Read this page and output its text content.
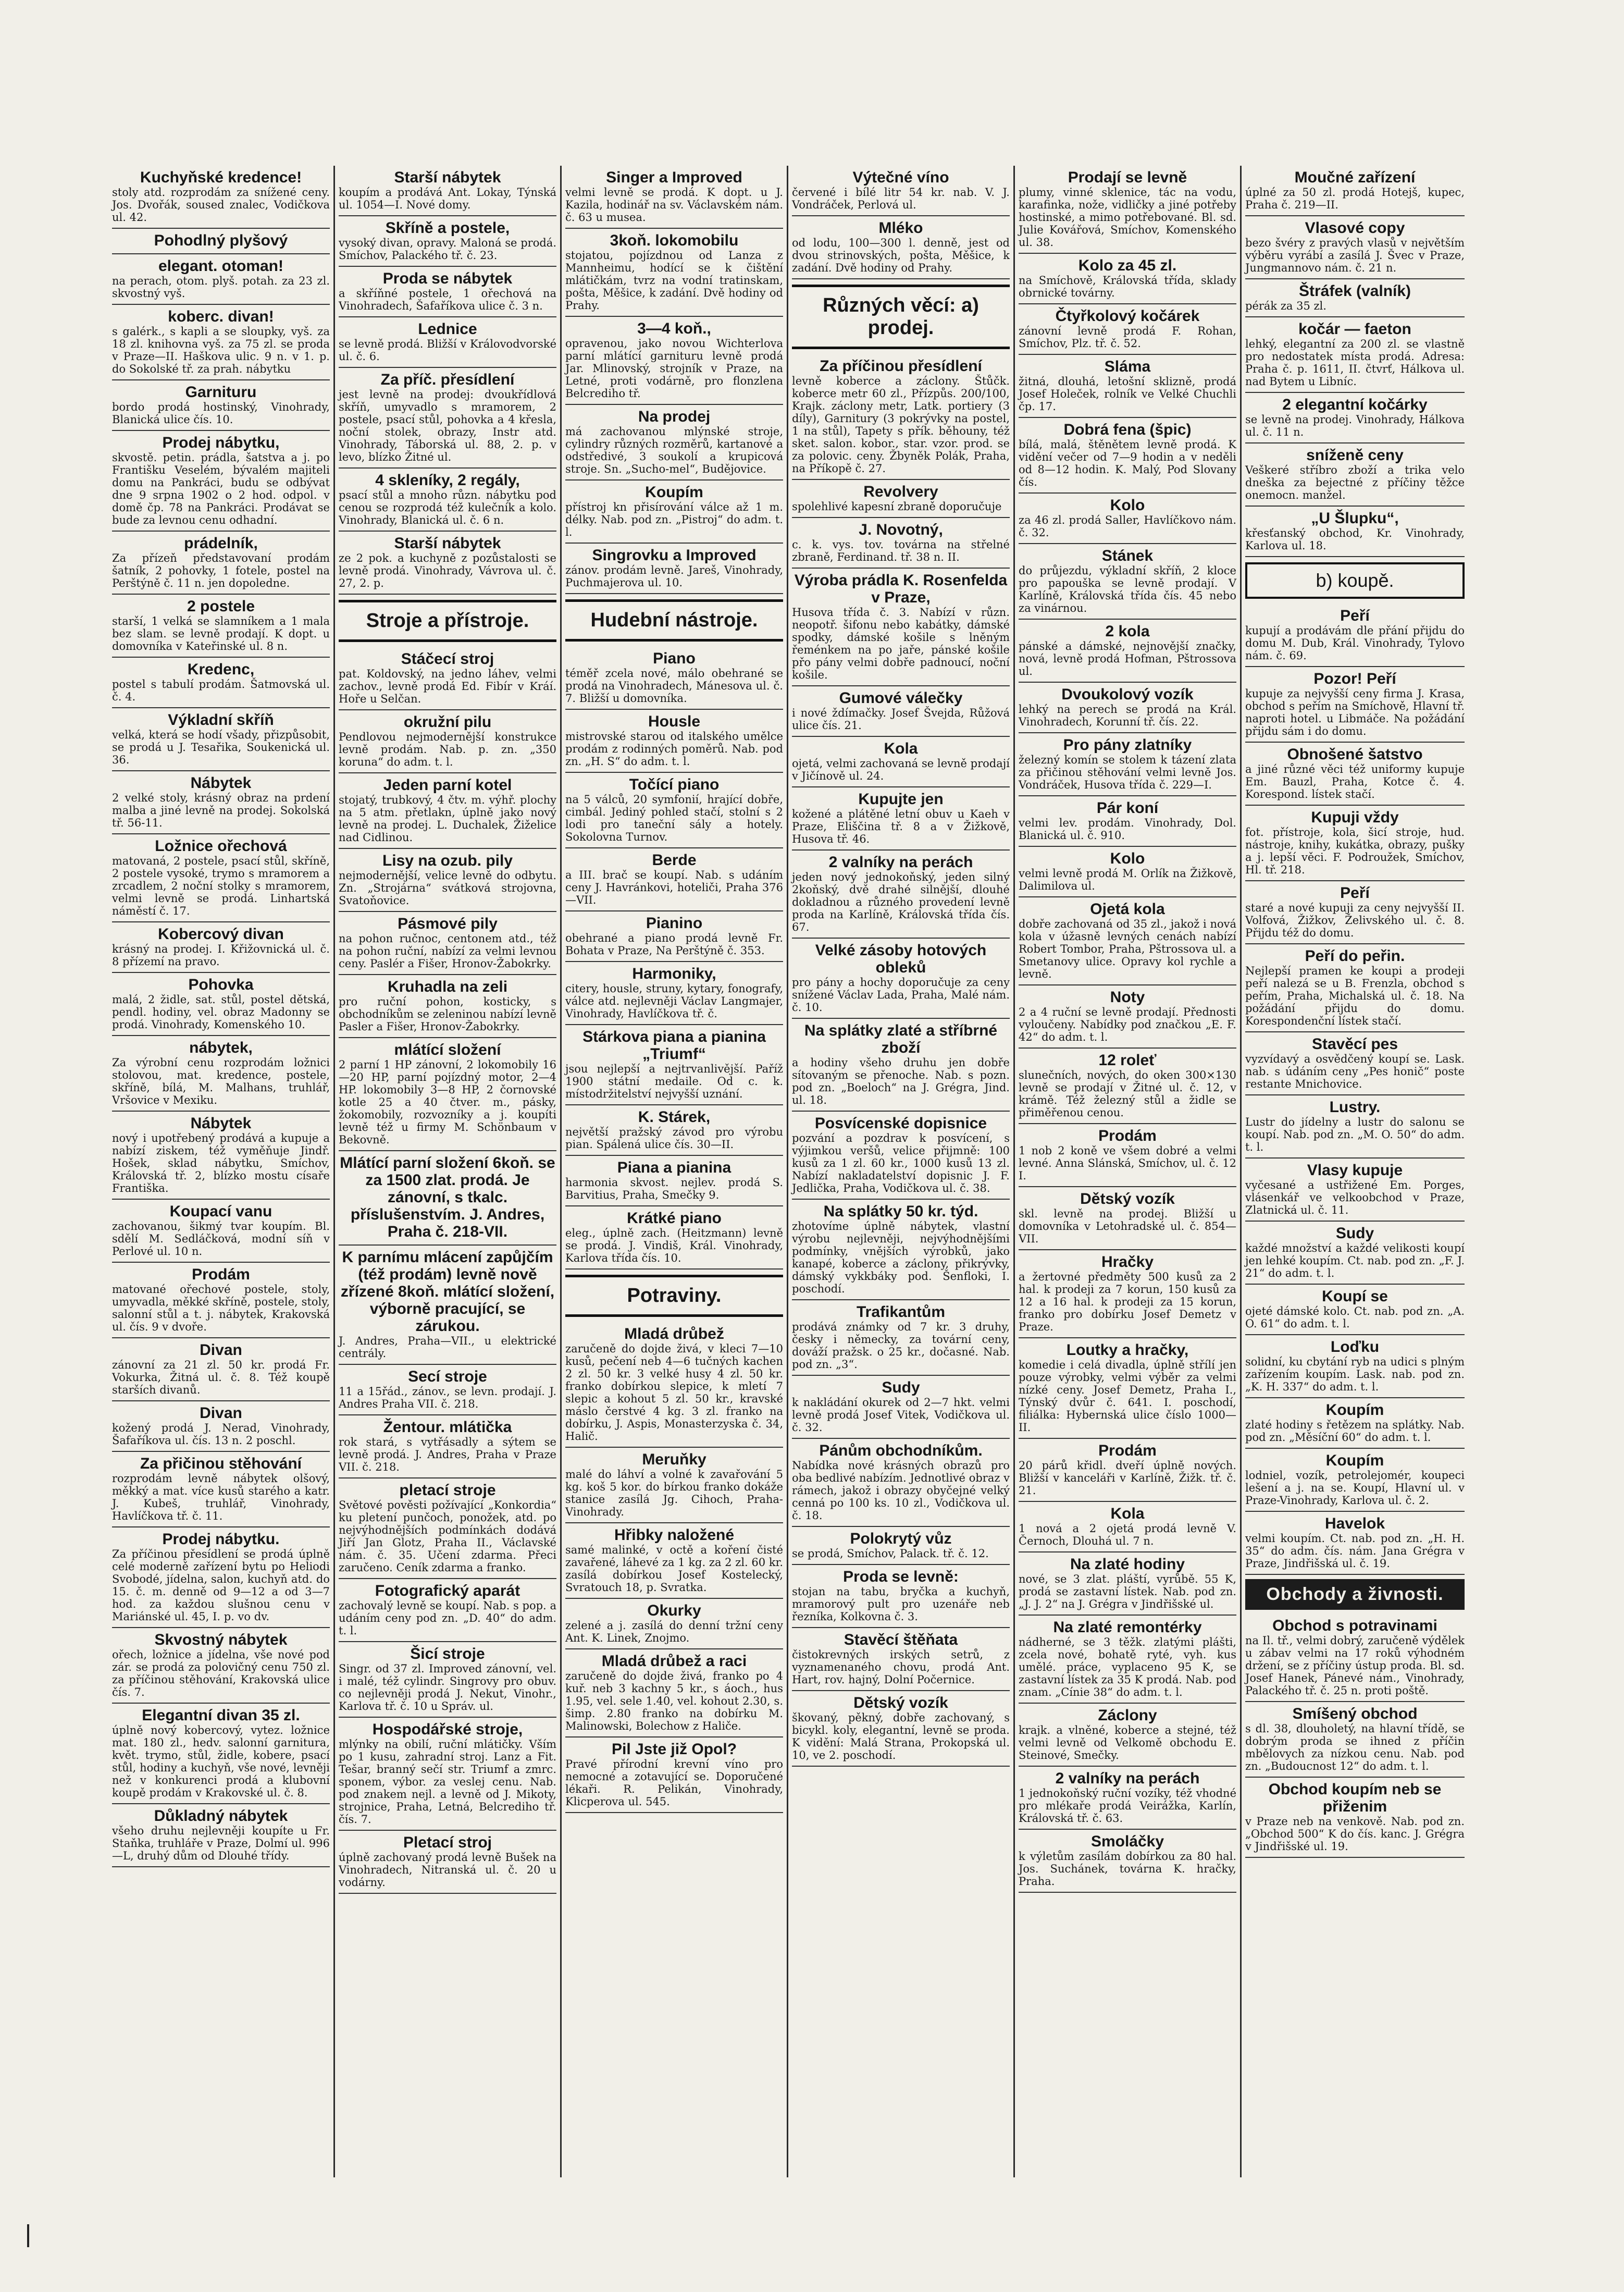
Kuchyňské kredence!
stoly atd. rozprodám za snížené ceny. Jos. Dvořák, soused znalec, Vodičkova ul. 42.
Pohodlný plyšový
elegant. otoman!
na perach, otom. plyš. potah. za 23 zl. skvostný vyš.
koberc. divan!
s galérk., s kapli a se sloupky, vyš. za 18 zl. knihovna vyš. za 75 zl. se proda v Praze—II. Haškova ulic. 9 n. v 1. p. do Sokolské tř. za prah. nábytku
Garnituru
bordo prodá hostinský, Vinohrady, Blanická ulice čís. 10.
Prodej nábytku,
skvostě. petin. prádla, šatstva a j. po Františku Veselém, bývalém majiteli domu na Pankráci, budu se odbývat dne 9 srpna 1902 o 2 hod. odpol. v domě čp. 78 na Pankráci. Prodávat se bude za levnou cenu odhadní.
prádelník,
Za přízeň představovaní prodám šatník, 2 pohovky, 1 fotele, postel na Perštýně č. 11 n. jen dopoledne.
2 postele
starší, 1 velká se slamníkem a 1 mala bez slam. se levně prodají. K dopt. u domovníka v Kateřinské ul. 8 n.
Kredenc,
postel s tabulí prodám. Šatmovská ul. č. 4.
Výkladní skříň
velká, která se hodí všady, přizpůsobit, se prodá u J. Tesařika, Soukenická ul. 36.
Nábytek
2 velké stoly, krásný obraz na prdení malba a jiné levně na prodej. Sokolská tř. 56-11.
Ložnice ořechová
matovaná, 2 postele, psací stůl, skříně, 2 postele vysoké, trymo s mramorem a zrcadlem, 2 noční stolky s mramorem, velmi levně se prodá. Linhartská náměstí č. 17.
Kobercový divan
krásný na prodej. I. Křižovnická ul. č. 8 přízemí na pravo.
Pohovka
malá, 2 židle, sat. stůl, postel dětská, pendl. hodiny, vel. obraz Madonny se prodá. Vinohrady, Komenského 10.
nábytek,
Za výrobní cenu rozprodám ložnici stolovou, mat. kredence, postele, skříně, bílá, M. Malhans, truhlář, Vršovice v Mexiku.
Nábytek
nový i upotřebený prodává a kupuje a nabízí ziskem, též vyměňuje Jindř. Hošek, sklad nábytku, Smíchov, Královská tř. 2, blízko mostu císaře Františka.
Koupací vanu
zachovanou, šikmý tvar koupím. Bl. sdělí M. Sedláčková, modní síň v Perlové ul. 10 n.
Prodám
matované ořechové postele, stoly, umyvadla, měkké skříně, postele, stoly, salonní stůl a t. j. nábytek, Krakovská ul. čís. 9 v dvoře.
Divan
zánovní za 21 zl. 50 kr. prodá Fr. Vokurka, Žitná ul. č. 8. Též koupě starších divanů.
Divan
kožený prodá J. Nerad, Vinohrady, Šafaříkova ul. čís. 13 n. 2 poschl.
Za přičinou stěhování
rozprodám levně nábytek olšový, měkký a mat. více kusů starého a katr. J. Kubeš, truhlář, Vinohrady, Havlíčkova tř. č. 11.
Prodej nábytku.
Za příčinou přesídlení se prodá úplně celé moderně zařízení bytu po Heliodi Svobodé, jídelna, salon, kuchyň atd. do 15. č. m. denně od 9—12 a od 3—7 hod. za každou slušnou cenu v Mariánské ul. 45, I. p. vo dv.
Skvostný nábytek
ořech, ložnice a jídelna, vše nové pod zár. se prodá za polovičný cenu 750 zl. za příčinou stěhování, Krakovská ulice čís. 7.
Elegantní divan 35 zl.
úplně nový kobercový, vytez. ložnice mat. 180 zl., hedv. salonní garnitura, květ. trymo, stůl, židle, kobere, psací stůl, hodiny a kuchyň, vše nové, levněji než v konkurenci prodá a klubovní koupě prodám v Krakovské ul. č. 8.
Důkladný nábytek
všeho druhu nejlevněji koupíte u Fr. Staňka, truhláře v Praze, Dolmí ul. 996—L, druhý dům od Dlouhé třídy.
Starší nábytek
koupím a prodává Ant. Lokay, Týnská ul. 1054—I. Nové domy.
Skříně a postele,
vysoký divan, opravy. Maloná se prodá. Smíchov, Palackého tř. č. 23.
Proda se nábytek
a skříňné postele, 1 ořechová na Vinohradech, Šafaříkova ulice č. 3 n.
Lednice
se levně prodá. Bližší v Královodvorské ul. č. 6.
Za příč. přesídlení
jest levně na prodej: dvoukřídlová skříň, umyvadlo s mramorem, 2 postele, psací stůl, pohovka a 4 křesla, noční stolek, obrazy, Instr atd. Vinohrady, Táborská ul. 88, 2. p. v levo, blízko Žitné ul.
4 skleníky, 2 regály,
psací stůl a mnoho různ. nábytku pod cenou se rozprodá též kulečník a kolo. Vinohrady, Blanická ul. č. 6 n.
Starší nábytek
ze 2 pok. a kuchyně z pozůstalosti se levně prodá. Vinohrady, Vávrova ul. č. 27, 2. p.
Stroje a přístroje.
Stáčecí stroj
pat. Koldovský, na jedno láhev, velmi zachov., levně prodá Ed. Fibír v Kráí. Hoře u Selčan.
okružní pilu
Pendlovou nejmodernější konstrukce levně prodám. Nab. p. zn. „350 koruna“ do adm. t. l.
Jeden parní kotel
stojatý, trubkový, 4 čtv. m. výhř. plochy na 5 atm. přetlakn, úplně jako nový levně na prodej. L. Duchalek, Žiželice nad Cidlinou.
Lisy na ozub. pily
nejmodernější, velice levně do odbytu. Zn. „Strojárna“ svátková strojovna, Svatoňovice.
Pásmové pily
na pohon ručnoc, centonem atd., též na pohon ruční, nabízí za velmi levnou ceny. Paslér a Fišer, Hronov-Žabokrky.
Kruhadla na zeli
pro ruční pohon, kosticky, s obchodníkům se zeleninou nabízí levně Pasler a Fišer, Hronov-Žabokrky.
mlátící složení
2 parní 1 HP zánovní, 2 lokomobily 16—20 HP, parní pojízdný motor, 2—4 HP. lokomobily 3—8 HP, 2 čornovské kotle 25 a 40 čtver. m., pásky, žokomobily, rozvozníky a j. koupíti levně též u firmy M. Schönbaum v Bekovně.
Mlátící parní složení 6koň. se za 1500 zlat. prodá. Je zánovní, s tkalc. příslušenstvím. J. Andres, Praha č. 218-VII.
K parnímu mlácení zapůjčím (též prodám) levně nově zřízené 8koň. mlátící složení, výborně pracující, se zárukou.
J. Andres, Praha—VII., u elektrické centrály.
Secí stroje
11 a 15řád., zánov., se levn. prodají. J. Andres Praha VII. č. 218.
Žentour. mlátička
rok stará, s vytřásadly a sýtem se levně prodá. J. Andres, Praha v Praze VII. č. 218.
pletací stroje
Světové pověsti požívající „Konkordia“ ku pletení punčoch, ponožek, atd. po nejvýhodnějších podmínkách dodává Jiří Jan Glotz, Praha II., Václavské nám. č. 35. Učení zdarma. Přeci zaručeno. Ceník zdarma a franko.
Fotografický aparát
zachovalý levně se koupí. Nab. s pop. a udáním ceny pod zn. „D. 40“ do adm. t. l.
Šicí stroje
Singr. od 37 zl. Improved zánovní, vel. i malé, též cylindr. Singrovy pro obuv. co nejlevněji prodá J. Nekut, Vinohr., Karlova tř. č. 10 u Správ. ul.
Hospodářské stroje,
mlýnky na obilí, ruční mlátičky. Vším po 1 kusu, zahradní stroj. Lanz a Fit. Tešar, branný sečí str. Triumf a zmrc. sponem, výbor. za veslej cenu. Nab. pod znakem nejl. a levně od J. Mikoty, strojnice, Praha, Letná, Belcrediho tř. čís. 7.
Pletací stroj
úplně zachovaný prodá levně Bušek na Vinohradech, Nitranská ul. č. 20 u vodárny.
Singer a Improved
velmi levně se prodá. K dopt. u J. Kazila, hodinář na sv. Václavském nám. č. 63 u musea.
3koň. lokomobilu
stojatou, pojízdnou od Lanza z Mannheimu, hodící se k čištění mlátičkám, tvrz na vodní tratinskam, pošta, Měšice, k zadání. Dvě hodiny od Prahy.
3—4 koň.,
opravenou, jako novou Wichterlova parní mlátící garnituru levně prodá Jar. Mlinovský, strojník v Praze, na Letné, proti vodárně, pro flonzlena Belcrediho tř.
Na prodej
má zachovanou mlýnské stroje, cylindry různých rozměrů, kartanové a odstředivé, 3 soukolí a krupicová stroje. Sn. „Sucho-mel“, Budějovice.
Koupím
přístroj kn přisírování válce až 1 m. délky. Nab. pod zn. „Pistroj“ do adm. t. l.
Singrovku a Improved
zánov. prodám levně. Jareš, Vinohrady, Puchmajerova ul. 10.
Hudební nástroje.
Piano
téměř zcela nové, málo obehrané se prodá na Vinohradech, Mánesova ul. č. 7. Bližší u domovníka.
Housle
mistrovské starou od italského umělce prodám z rodinných poměrů. Nab. pod zn. „H. S“ do adm. t. l.
Točící piano
na 5 válců, 20 symfonií, hrající dobře, cimbál. Jediný pohled stačí, stolní s 2 lodi pro taneční sály a hotely. Sokolovna Turnov.
Berde
a III. brač se koupí. Nab. s udáním ceny J. Havránkovi, hoteliči, Praha 376—VII.
Pianino
obehrané a piano prodá levně Fr. Bohata v Praze, Na Perštýně č. 353.
Harmoniky,
citery, housle, struny, kytary, fonografy, válce atd. nejlevněji Václav Langmajer, Vinohrady, Havlíčkova tř. č.
Stárkova piana a pianina „Triumf“
jsou nejlepší a nejtrvanlivější. Paříž 1900 státní medaile. Od c. k. místodržitelství nejvyšší uznání.
K. Stárek,
největší pražský závod pro výrobu pian. Spálená ulice čís. 30—II.
Piana a pianina
harmonia skvost. nejlev. prodá S. Barvitius, Praha, Smečky 9.
Krátké piano
eleg., úplně zach. (Heitzmann) levně se prodá. J. Vindiš, Král. Vinohrady, Karlova třída čís. 10.
Potraviny.
Mladá drůbež
zaručeně do dojde živá, v kleci 7—10 kusů, pečení neb 4—6 tučných kachen 2 zl. 50 kr. 3 velké husy 4 zl. 50 kr. franko dobírkou slepice, k mletí 7 slepic a kohout 5 zl. 50 kr., kravské máslo čerstvé 4 kg. 3 zl. franko na dobírku, J. Aspis, Monasterzyska č. 34, Halič.
Meruňky
malé do láhví a volné k zavařování 5 kg. koš 5 kor. do bírkou franko dokáže stanice zasílá Jg. Cihoch, Praha-Vinohrady.
Hřibky naložené
samé malinké, v octě a koření čisté zavařené, láhevé za 1 kg. za 2 zl. 60 kr. zasílá dobírkou Josef Kostelecký, Svratouch 18, p. Svratka.
Okurky
zelené a j. zasílá do denní tržní ceny Ant. K. Linek, Znojmo.
Mladá drůbež a raci
zaručeně do dojde živá, franko po 4 kuř. neb 3 kachny 5 kr., s áoch., hus 1.95, vel. sele 1.40, vel. kohout 2.30, s. šimp. 2.80 franko na dobírku M. Malinowski, Bolechow z Haliče.
Pil Jste již Opol?
Pravé přírodní krevní víno pro nemocné a zotavující se. Doporučené lékaři. R. Pelikán, Vinohrady, Klicperova ul. 545.
Výtečné víno
červené i bílé litr 54 kr. nab. V. J. Vondráček, Perlová ul.
Mléko
od lodu, 100—300 l. denně, jest od dvou strinovských, pošta, Měšice, k zadání. Dvě hodiny od Prahy.
Různých věcí: a) prodej.
Za příčinou přesídlení
levně koberce a záclony. Štůčk. koberce metr 60 zl., Přízpůs. 200/100, Krajk. záclony metr, Latk. portiery (3 díly), Garnitury (3 pokrývky na postel, 1 na stůl), Tapety s přík. běhouny, též sket. salon. kobor., star. vzor. prod. se za polovic. ceny. Žbyněk Polák, Praha, na Příkopě č. 27.
Revolvery
spolehlivé kapesní zbraně doporučuje
J. Novotný,
c. k. vys. tov. továrna na střelné zbraně, Ferdinand. tř. 38 n. II.
Výroba prádla K. Rosenfelda v Praze,
Husova třída č. 3. Nabízí v různ. neopotř. šifonu nebo kabátky, dámské spodky, dámské košile s lněným řeménkem na po jaře, pánské košile přo pány velmi dobře padnoucí, noční košile.
Gumové válečky
i nové ždímačky. Josef Švejda, Růžová ulice čís. 21.
Kola
ojetá, velmi zachovaná se levně prodají v Jičínově ul. 24.
Kupujte jen
kožené a plátěné letní obuv u Kaeh v Praze, Eliščina tř. 8 a v Žižkově, Husova tř. 46.
2 valníky na perách
jeden nový jednokoňský, jeden silný 2koňský, dvě drahé silnější, dlouhé dokladnou a různého provedení levně proda na Karlíně, Královská třída čís. 67.
Velké zásoby hotových obleků
pro pány a hochy doporučuje za ceny snížené Václav Lada, Praha, Malé nám. č. 10.
Na splátky zlaté a stříbrné zboží
a hodiny všeho druhu jen dobře sítovaným se přenoche. Nab. s pozn. pod zn. „Boeloch“ na J. Grégra, Jind. ul. 18.
Posvícenské dopisnice
pozvání a pozdrav k posvícení, s výjimkou veršů, velice přijmně: 100 kusů za 1 zl. 60 kr., 1000 kusů 13 zl. Nabízí nakladatelství dopisnic J. F. Jedlička, Praha, Vodičkova ul. č. 38.
Na splátky 50 kr. týd.
zhotovíme úplně nábytek, vlastní výrobu nejlevněji, nejvýhodnějšími podmínky, vnějších výrobků, jako kanapé, koberce a záclony, přikrývky, dámský vykkbáky pod. Šenfloki, I. poschodí.
Trafikantům
prodává známky od 7 kr. 3 druhy, česky i německy, za tovární ceny, dováží pražsk. o 25 kr., dočasné. Nab. pod zn. „3“.
Sudy
k nakládání okurek od 2—7 hkt. velmi levně prodá Josef Vitek, Vodičkova ul. č. 32.
Pánům obchodníkům.
Nabídka nové krásných obrazů pro oba bedlivé nabízím. Jednotlivé obraz v rámech, jakož i obrazy obyčejné velký cenná po 100 ks. 10 zl., Vodičkova ul. č. 18.
Polokrytý vůz
se prodá, Smíchov, Palack. tř. č. 12.
Proda se levně:
stojan na tabu, bryčka a kuchyň, mramorový pult pro uzenáře neb řezníka, Kolkovna č. 3.
Stavěcí štěňata
čistokrevných irských setrů, z vyznamenaného chovu, prodá Ant. Hart, rov. hajný, Dolní Počernice.
Dětský vozík
škovaný, pěkný, dobře zachovaný, s bicykl. koly, elegantní, levně se proda. K vidění: Malá Strana, Prokopská ul. 10, ve 2. poschodí.
Prodají se levně
plumy, vinné sklenice, tác na vodu, karafinka, nože, vidličky a jiné potřeby hostinské, a mimo potřebované. Bl. sd. Julie Kovářová, Smíchov, Komenského ul. 38.
Kolo za 45 zl.
na Smíchově, Královská třída, sklady obrnické továrny.
Čtyřkolový kočárek
zánovní levně prodá F. Rohan, Smíchov, Plz. tř. č. 52.
Sláma
žitná, dlouhá, letošní sklizně, prodá Josef Holeček, rolník ve Velké Chuchli čp. 17.
Dobrá fena (špic)
bílá, malá, štěnětem levně prodá. K vidění večer od 7—9 hodin a v neděli od 8—12 hodin. K. Malý, Pod Slovany čís.
Kolo
za 46 zl. prodá Saller, Havlíčkovo nám. č. 32.
Stánek
do průjezdu, výkladní skříň, 2 kloce pro papouška se levně prodají. V Karlíně, Královská třída čís. 45 nebo za vinárnou.
2 kola
pánské a dámské, nejnovější značky, nová, levně prodá Hofman, Pštrossova ul.
Dvoukolový vozík
lehký na perech se prodá na Král. Vinohradech, Korunní tř. čís. 22.
Pro pány zlatníky
železný komín se stolem k tázení zlata za přičinou stěhování velmi levně Jos. Vondráček, Husova třída č. 229—I.
Pár koní
velmi lev. prodám. Vinohrady, Dol. Blanická ul. č. 910.
Kolo
velmi levně prodá M. Orlík na Žižkově, Dalimilova ul.
Ojetá kola
dobře zachovaná od 35 zl., jakož i nová kola v úžasně levných cenách nabízí Robert Tombor, Praha, Pštrossova ul. a Smetanovy ulice. Opravy kol rychle a levně.
Noty
2 a 4 ruční se levně prodají. Přednosti vyloučeny. Nabídky pod značkou „E. F. 42“ do adm. t. l.
12 roleť
slunečních, nových, do oken 300×130 levně se prodají v Žitné ul. č. 12, v krámě. Též železný stůl a židle se přiměřenou cenou.
Prodám
1 nob 2 koně ve všem dobré a velmi levné. Anna Slánská, Smíchov, ul. č. 12 I.
Dětský vozík
skl. levně na prodej. Bližší u domovníka v Letohradské ul. č. 854—VII.
Hračky
a žertovné předměty 500 kusů za 2 hal. k prodeji za 7 korun, 150 kusů za 12 a 16 hal. k prodeji za 15 korun, franko pro dobírku Josef Demetz v Praze.
Loutky a hračky,
komedie i celá divadla, úplně střílí jen pouze výrobky, velmi výběr za velmi nízké ceny. Josef Demetz, Praha I., Týnský dvůr č. 641. I. poschodí, filiálka: Hybernská ulice číslo 1000—II.
Prodám
20 párů křidl. dveří úplně nových. Bližší v kanceláři v Karlíně, Žižk. tř. č. 21.
Kola
1 nová a 2 ojetá prodá levně V. Černoch, Dlouhá ul. 7 n.
Na zlaté hodiny
nové, se 3 zlat. pláští, vyrůbě. 55 K, prodá se zastavní lístek. Nab. pod zn. „J. J. 2“ na J. Grégra v Jindřišské ul.
Na zlaté remontérky
nádherné, se 3 těžk. zlatými plášti, zcela nové, bohatě ryté, vyh. kus umělé. práce, vyplaceno 95 K, se zastavní lístek za 35 K prodá. Nab. pod znam. „Cínie 38“ do adm. t. l.
Záclony
krajk. a vlněné, koberce a stejné, též velmi levně od Velkomě obchodu E. Steinové, Smečky.
2 valníky na perách
1 jednokoňský ruční vozíky, též vhodné pro mlékaře prodá Veirážka, Karlín, Královská tř. č. 63.
Smoláčky
k výletům zasílám dobírkou za 80 hal. Jos. Suchánek, továrna K. hračky, Praha.
Moučné zařízení
úplné za 50 zl. prodá Hotejš, kupec, Praha č. 219—II.
Vlasové copy
bezo švéry z pravých vlasů v největším výběru vyrábí a zasílá J. Švec v Praze, Jungmannovo nám. č. 21 n.
Štráfek (valník)
pérák za 35 zl.
kočár — faeton
lehký, elegantní za 200 zl. se vlastně pro nedostatek místa prodá. Adresa: Praha č. p. 1611, II. čtvrť, Hálkova ul. nad Bytem u Libníc.
2 elegantní kočárky
se levně na prodej. Vinohrady, Hálkova ul. č. 11 n.
sníženě ceny
Veškeré stříbro zboží a trika velo dneška za bejectné z příčiny těžce onemocn. manžel.
„U Šlupku“,
křesťanský obchod, Kr. Vinohrady, Karlova ul. 18.
b) koupě.
Peří
kupují a prodávám dle přání přijdu do domu M. Dub, Král. Vinohrady, Tylovo nám. č. 69.
Pozor! Peří
kupuje za nejvyšší ceny firma J. Krasa, obchod s peřím na Smíchově, Hlavní tř. naproti hotel. u Libmáče. Na požádání přijdu sám i do domu.
Obnošené šatstvo
a jiné různé věci též uniformy kupuje Em. Bauzl, Praha, Kotce č. 4. Korespond. lístek stačí.
Kupuji vždy
fot. přístroje, kola, šicí stroje, hud. nástroje, knihy, kukátka, obrazy, pušky a j. lepší věci. F. Podroužek, Smíchov, Hl. tř. 218.
Peří
staré a nové kupuji za ceny nejvyšší II. Volfová, Žižkov, Želivského ul. č. 8. Přijdu též do domu.
Peří do peřin.
Nejlepší pramen ke koupi a prodeji peří nalezá se u B. Frenzla, obchod s peřím, Praha, Michalská ul. č. 18. Na požádání přijdu do domu. Korespondenční lístek stačí.
Stavěcí pes
vyzvídavý a osvědčený koupí se. Lask. nab. s údáním ceny „Pes honič“ poste restante Mnichovice.
Lustry.
Lustr do jídelny a lustr do salonu se koupí. Nab. pod zn. „M. O. 50“ do adm. t. l.
Vlasy kupuje
vyčesané a ustřižené Em. Porges, vlásenkář ve velkoobchod v Praze, Zlatnická ul. č. 11.
Sudy
každé množství a každé velikosti koupí jen lehké koupím. Ct. nab. pod zn. „F. J. 21“ do adm. t. l.
Koupí se
ojeté dámské kolo. Ct. nab. pod zn. „A. O. 61“ do adm. t. l.
Loďku
solidní, ku cbytání ryb na udici s plným zařízením koupím. Lask. nab. pod zn. „K. H. 337“ do adm. t. l.
Koupím
zlaté hodiny s řetězem na splátky. Nab. pod zn. „Měsíční 60“ do adm. t. l.
Koupím
lodniel, vozík, petrolejomér, koupeci lešení a j. na se. Koupí, Hlavní ul. v Praze-Vinohrady, Karlova ul. č. 2.
Havelok
velmi koupím. Ct. nab. pod zn. „H. H. 35“ do adm. čís. nám. Jana Grégra v Praze, Jindřišská ul. č. 19.
Obchody a živnosti.
Obchod s potravinami
na Il. tř., velmi dobrý, zaručeně výdělek u zábav velmi na 17 roků výhodném držení, se z příčiny ústup proda. Bl. sd. Josef Hanek, Pánevé nám., Vinohrady, Palackého tř. č. 25 n. proti poště.
Smíšený obchod
s dl. 38, dlouholetý, na hlavní třídě, se dobrým proda se ihned z příčin mbělovych za nízkou cenu. Nab. pod zn. „Budoucnost 12“ do adm. t. l.
Obchod koupím neb se přiženim
v Praze neb na venkově. Nab. pod zn. „Obchod 500“ K do čís. kanc. J. Grégra v Jindřišské ul. 19.
